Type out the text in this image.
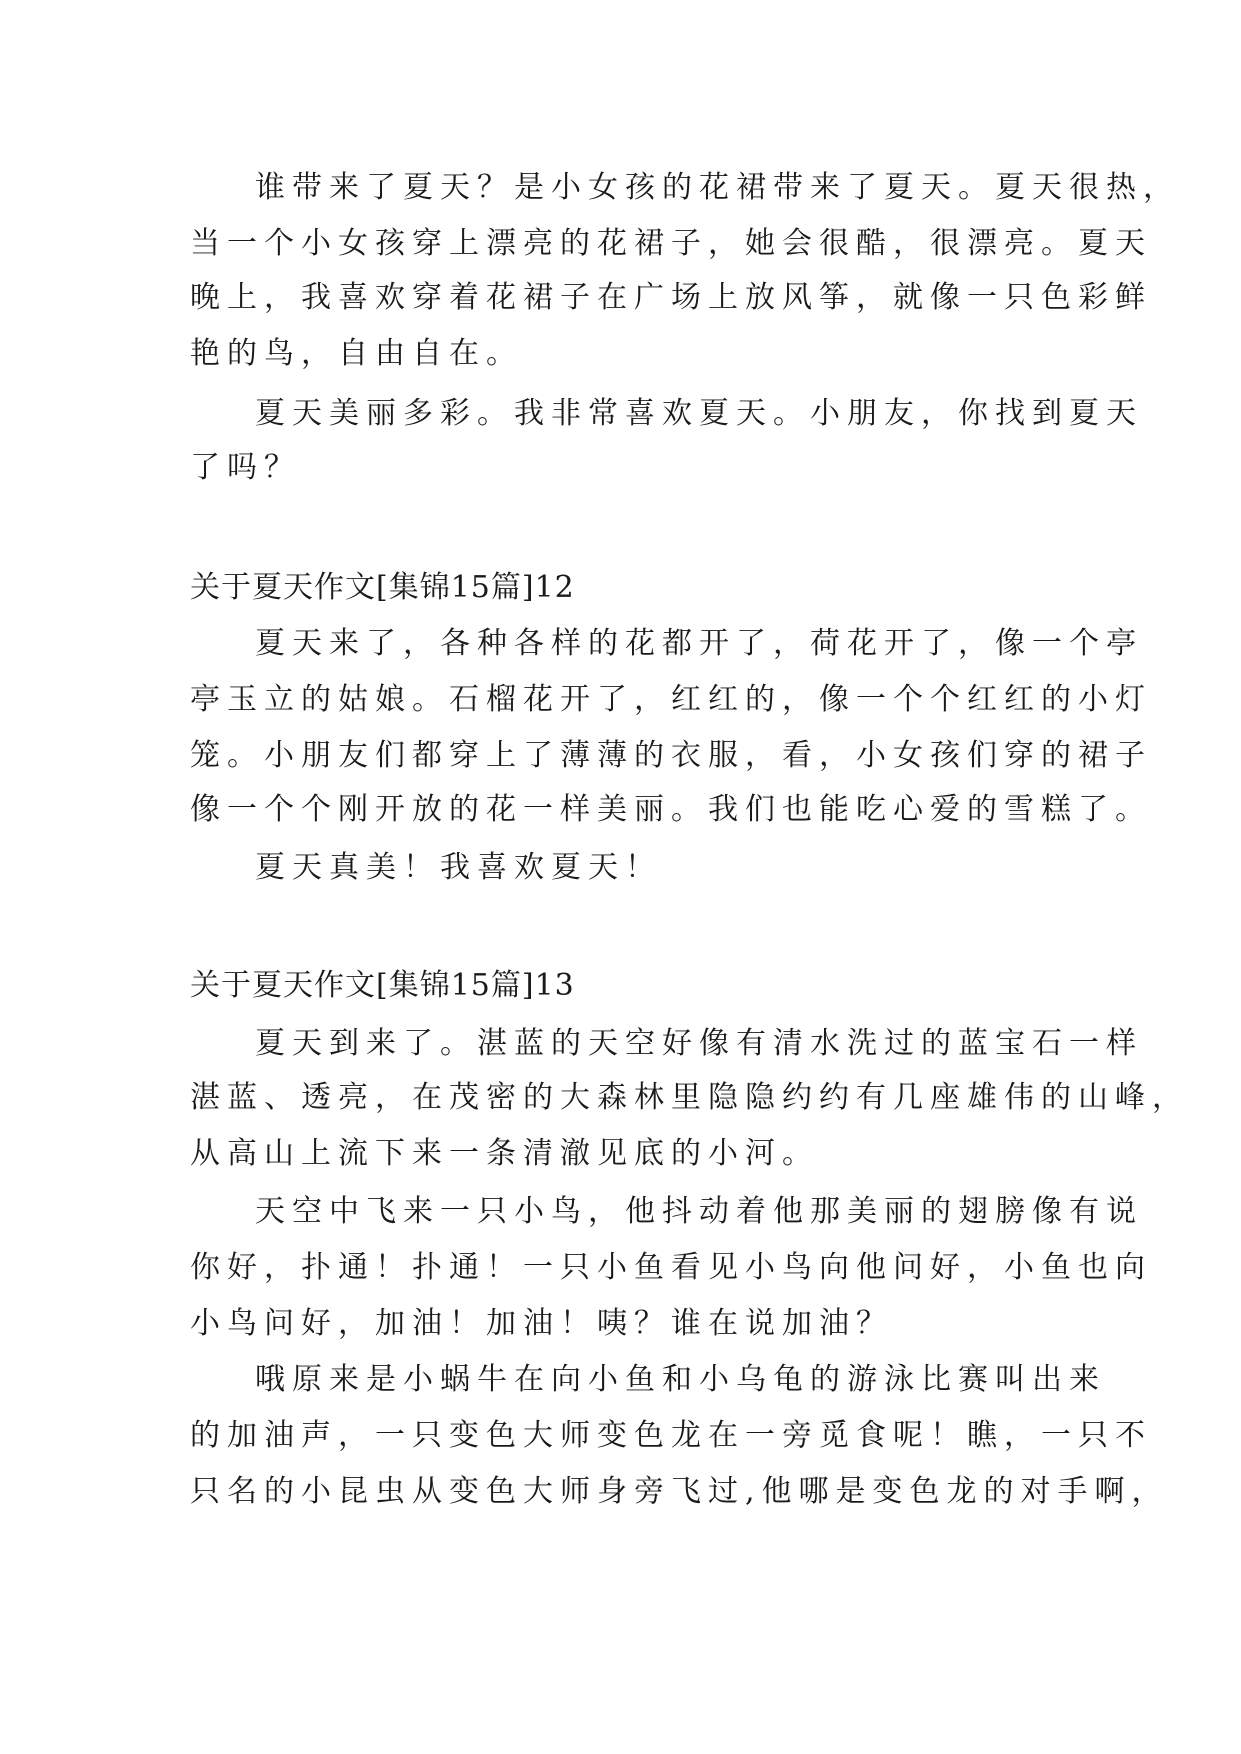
谁带来了夏天？是小女孩的花裙带来了夏天。夏天很热，
当一个小女孩穿上漂亮的花裙子，她会很酷，很漂亮。夏天
晚上，我喜欢穿着花裙子在广场上放风筝，就像一只色彩鲜
艳的鸟，自由自在。
夏天美丽多彩。我非常喜欢夏天。小朋友，你找到夏天
了吗？
关于夏天作文[集锦15篇]12
夏天来了，各种各样的花都开了，荷花开了，像一个亭
亭玉立的姑娘。石榴花开了，红红的，像一个个红红的小灯
笼。小朋友们都穿上了薄薄的衣服，看，小女孩们穿的裙子
像一个个刚开放的花一样美丽。我们也能吃心爱的雪糕了。
夏天真美！我喜欢夏天！
关于夏天作文[集锦15篇]13
夏天到来了。湛蓝的天空好像有清水洗过的蓝宝石一样
湛蓝、透亮，在茂密的大森林里隐隐约约有几座雄伟的山峰，
从高山上流下来一条清澈见底的小河。
天空中飞来一只小鸟，他抖动着他那美丽的翅膀像有说
你好，扑通！扑通！一只小鱼看见小鸟向他问好，小鱼也向
小鸟问好，加油！加油！咦？谁在说加油？
哦原来是小蜗牛在向小鱼和小乌龟的游泳比赛叫出来
的加油声，一只变色大师变色龙在一旁觅食呢！瞧，一只不
只名的小昆虫从变色大师身旁飞过,他哪是变色龙的对手啊，
